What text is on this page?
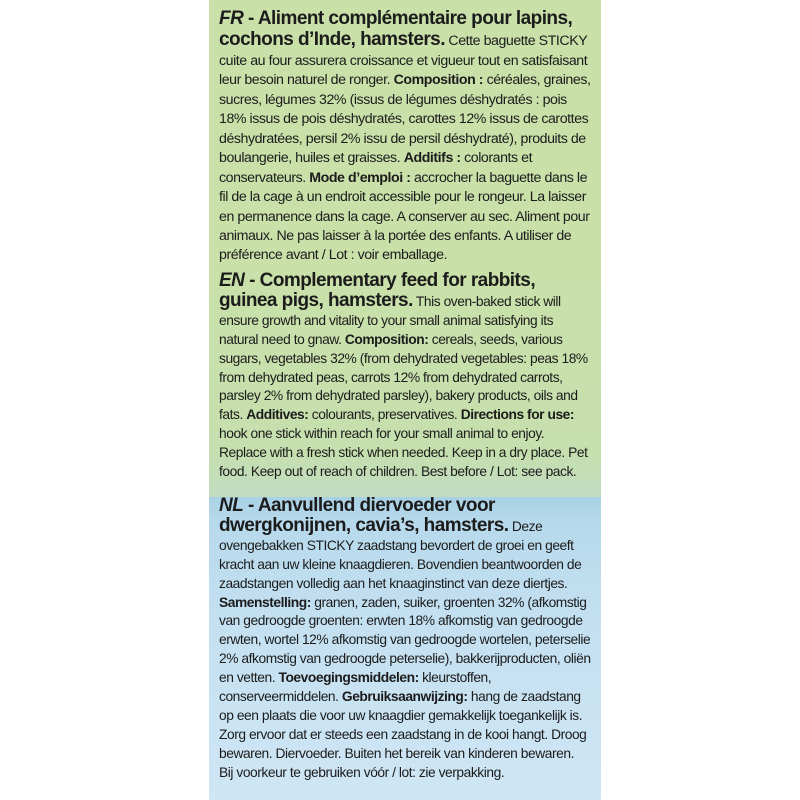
FR - Aliment complémentaire pour lapins, cochons d’Inde, hamsters. Cette baguette STICKY cuite au four assurera croissance et vigueur tout en satisfaisant leur besoin naturel de ronger. Composition : céréales, graines, sucres, légumes 32% (issus de légumes déshydratés : pois 18% issus de pois déshydratés, carottes 12% issus de carottes déshydratées, persil 2% issu de persil déshydraté), produits de boulangerie, huiles et graisses. Additifs : colorants et conservateurs. Mode d’emploi : accrocher la baguette dans le fil de la cage à un endroit accessible pour le rongeur. La laisser en permanence dans la cage. A conserver au sec. Aliment pour animaux. Ne pas laisser à la portée des enfants. A utiliser de préférence avant / Lot : voir emballage.
EN - Complementary feed for rabbits, guinea pigs, hamsters. This oven-baked stick will ensure growth and vitality to your small animal satisfying its natural need to gnaw. Composition: cereals, seeds, various sugars, vegetables 32% (from dehydrated vegetables: peas 18% from dehydrated peas, carrots 12% from dehydrated carrots, parsley 2% from dehydrated parsley), bakery products, oils and fats. Additives: colourants, preservatives. Directions for use: hook one stick within reach for your small animal to enjoy. Replace with a fresh stick when needed. Keep in a dry place. Pet food. Keep out of reach of children. Best before / Lot: see pack.
NL - Aanvullend diervoeder voor dwergkonijnen, cavia’s, hamsters. Deze ovengebakken STICKY zaadstang bevordert de groei en geeft kracht aan uw kleine knaagdieren. Bovendien beantwoorden de zaadstangen volledig aan het knaaginstinct van deze diertjes. Samenstelling: granen, zaden, suiker, groenten 32% (afkomstig van gedroogde groenten: erwten 18% afkomstig van gedroogde erwten, wortel 12% afkomstig van gedroogde wortelen, peterselie 2% afkomstig van gedroogde peterselie), bakkerijproducten, oliën en vetten. Toevoegingsmiddelen: kleurstoffen, conserveermiddelen. Gebruiksaanwijzing: hang de zaadstang op een plaats die voor uw knaagdier gemakkelijk toegankelijk is. Zorg ervoor dat er steeds een zaadstang in de kooi hangt. Droog bewaren. Diervoeder. Buiten het bereik van kinderen bewaren. Bij voorkeur te gebruiken vóór / lot: zie verpakking.
